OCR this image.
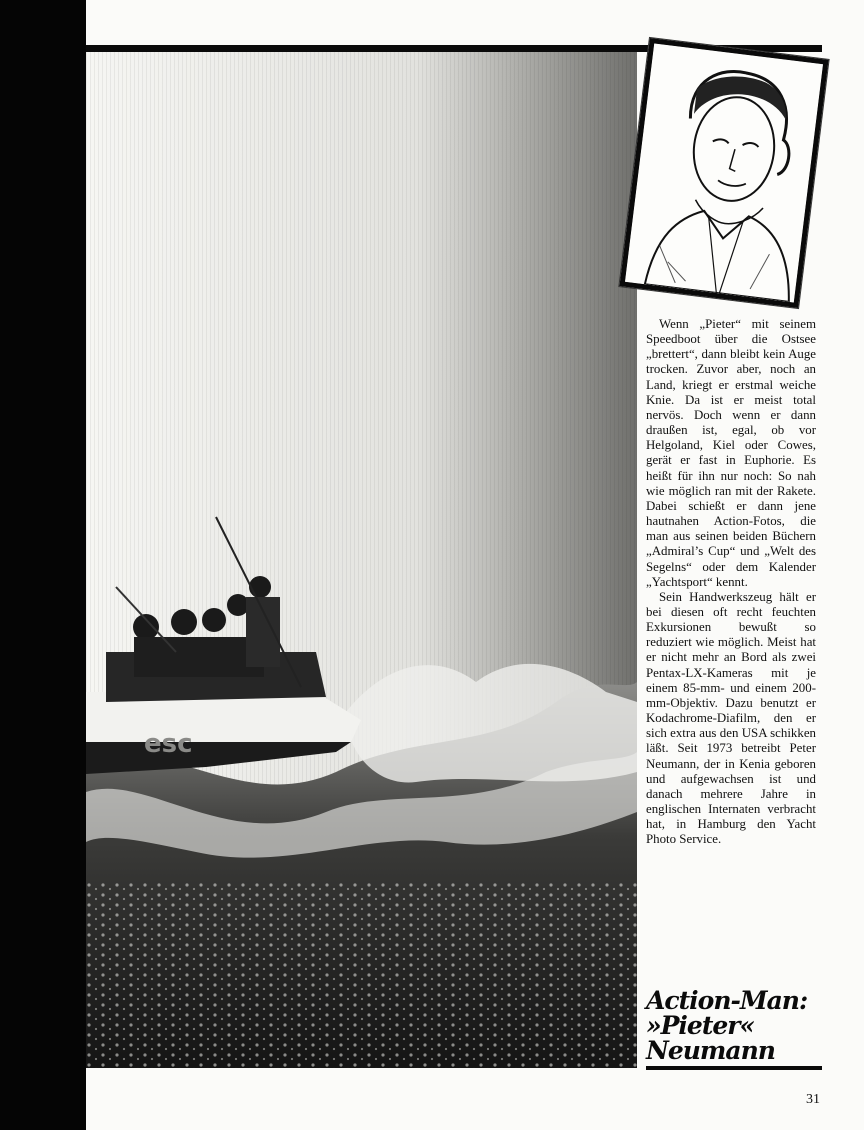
esc

Wenn „Pieter“ mit seinem Speedboot über die Ostsee „brettert“, dann bleibt kein Auge trocken. Zuvor aber, noch an Land, kriegt er erstmal weiche Knie. Da ist er meist total nervös. Doch wenn er dann draußen ist, egal, ob vor Helgoland, Kiel oder Cowes, gerät er fast in Euphorie. Es heißt für ihn nur noch: So nah wie möglich ran mit der Rakete. Dabei schießt er dann jene hautnahen Action-Fotos, die man aus seinen beiden Büchern „Admiral’s Cup“ und „Welt des Segelns“ oder dem Kalender „Yachtsport“ kennt.

Sein Handwerkszeug hält er bei diesen oft recht feuchten Exkursionen bewußt so reduziert wie möglich. Meist hat er nicht mehr an Bord als zwei Pentax-LX-Kameras mit je einem 85-mm- und einem 200-mm-Objektiv. Dazu benutzt er Kodachrome-Diafilm, den er sich extra aus den USA schikken läßt. Seit 1973 betreibt Peter Neumann, der in Kenia geboren und aufgewachsen ist und danach mehrere Jahre in englischen Internaten verbracht hat, in Hamburg den Yacht Photo Service.

Action-Man:
»Pieter«
Neumann
31
